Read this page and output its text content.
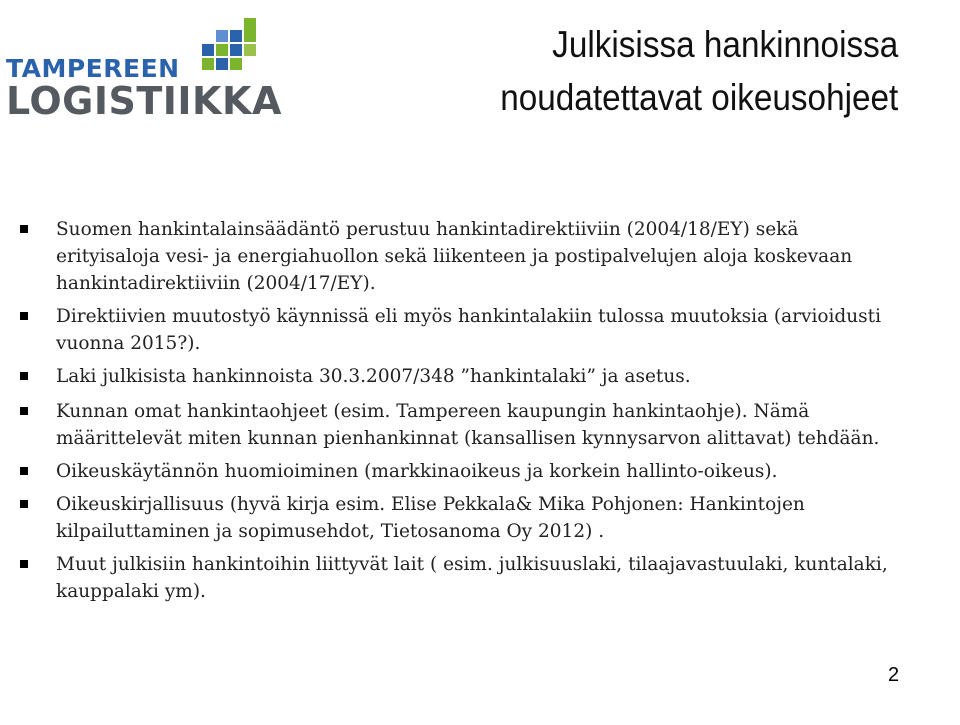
TAMPEREEN
LOGISTIIKKA
Julkisissa hankinnoissa
noudatettavat oikeusohjeet
Suomen hankintalainsäädäntö perustuu hankintadirektiiviin (2004/18/EY) sekä erityisaloja vesi- ja energiahuollon sekä liikenteen ja postipalvelujen aloja koskevaan hankintadirektiiviin (2004/17/EY).
Direktiivien muutostyö käynnissä eli myös hankintalakiin tulossa muutoksia (arvioidusti vuonna 2015?).
Laki julkisista hankinnoista 30.3.2007/348 ”hankintalaki” ja asetus.
Kunnan omat hankintaohjeet (esim. Tampereen kaupungin hankintaohje). Nämä määrittelevät miten kunnan pienhankinnat (kansallisen kynnysarvon alittavat) tehdään.
Oikeuskäytännön huomioiminen (markkinaoikeus ja korkein hallinto-oikeus).
Oikeuskirjallisuus (hyvä kirja esim. Elise Pekkala& Mika Pohjonen: Hankintojen kilpailuttaminen ja sopimusehdot, Tietosanoma Oy 2012) .
Muut julkisiin hankintoihin liittyvät lait ( esim. julkisuuslaki, tilaajavastuulaki, kuntalaki, kauppalaki ym).
2
